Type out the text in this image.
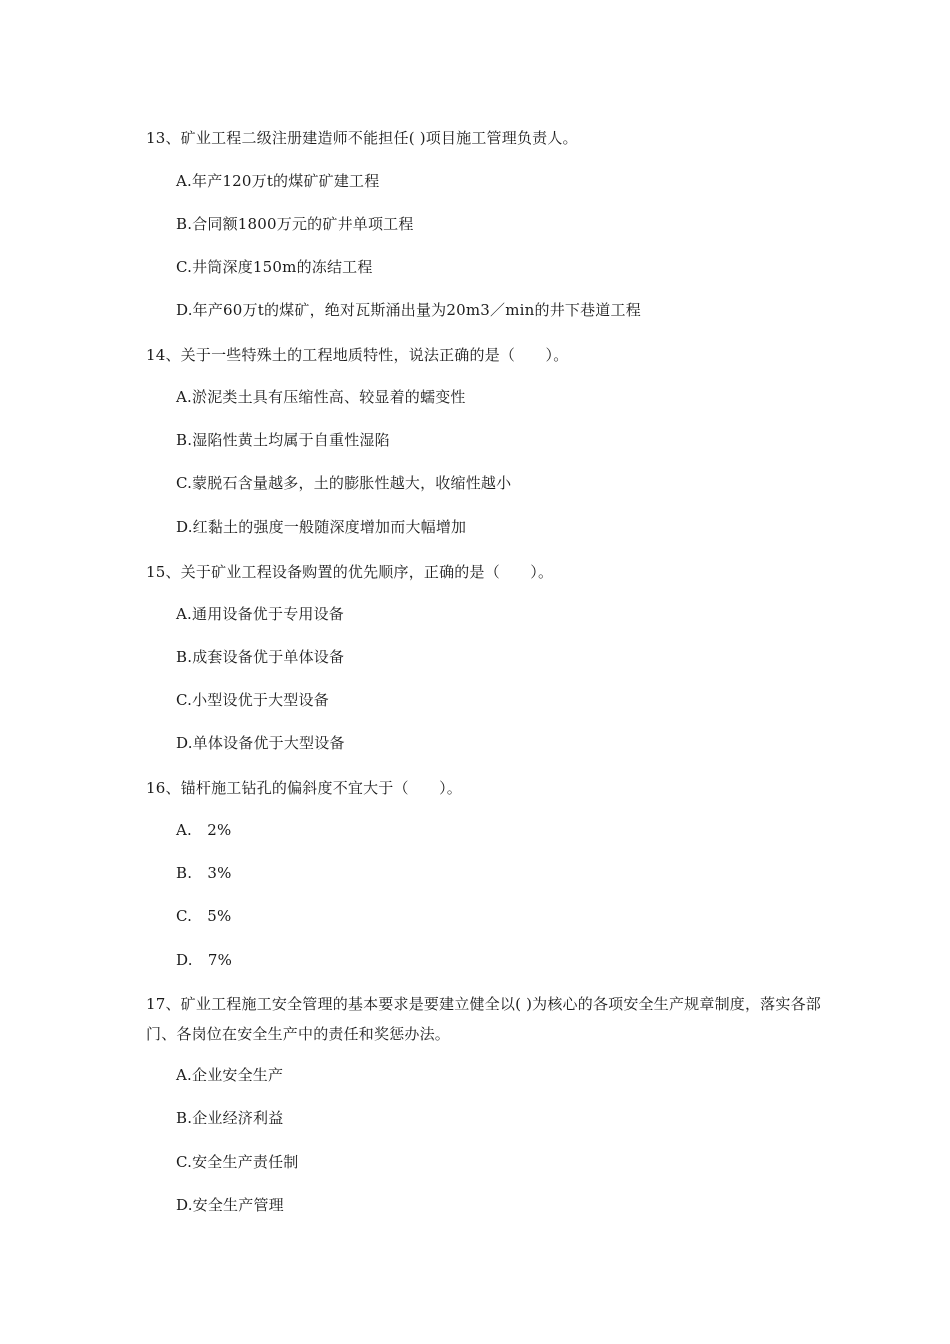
13、矿业工程二级注册建造师不能担任( )项目施工管理负责人。

A.年产120万t的煤矿矿建工程
B.合同额1800万元的矿井单项工程
C.井筒深度150m的冻结工程
D.年产60万t的煤矿，绝对瓦斯涌出量为20m3／min的井下巷道工程

14、关于一些特殊土的工程地质特性，说法正确的是（　　）。

A.淤泥类土具有压缩性高、较显着的蠕变性
B.湿陷性黄土均属于自重性湿陷
C.蒙脱石含量越多，土的膨胀性越大，收缩性越小
D.红黏土的强度一般随深度增加而大幅增加

15、关于矿业工程设备购置的优先顺序，正确的是（　　）。

A.通用设备优于专用设备
B.成套设备优于单体设备
C.小型设优于大型设备
D.单体设备优于大型设备

16、锚杆施工钻孔的偏斜度不宜大于（　　）。

A.　2%
B.　3%
C.　5%
D.　7%

17、矿业工程施工安全管理的基本要求是要建立健全以( )为核心的各项安全生产规章制度，落实各部门、各岗位在安全生产中的责任和奖惩办法。

A.企业安全生产
B.企业经济利益
C.安全生产责任制
D.安全生产管理
